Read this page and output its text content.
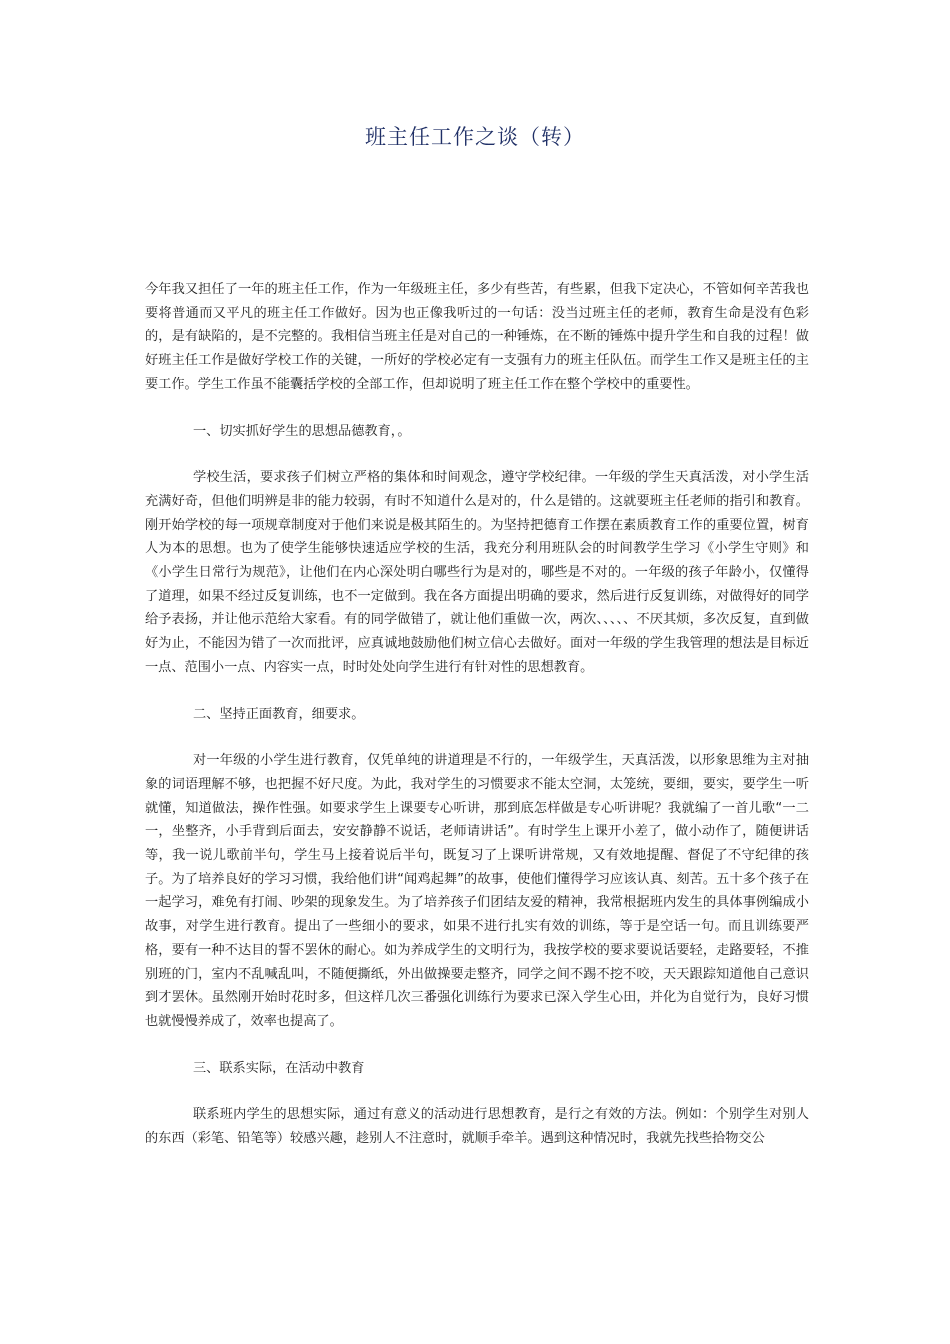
班主任工作之谈（转）

今年我又担任了一年的班主任工作，作为一年级班主任，多少有些苦，有些累，但我下定决心，不管如何辛苦我也要将普通而又平凡的班主任工作做好。因为也正像我听过的一句话：没当过班主任的老师，教育生命是没有色彩的，是有缺陷的，是不完整的。我相信当班主任是对自己的一种锤炼，在不断的锤炼中提升学生和自我的过程！做好班主任工作是做好学校工作的关键，一所好的学校必定有一支强有力的班主任队伍。而学生工作又是班主任的主要工作。学生工作虽不能囊括学校的全部工作，但却说明了班主任工作在整个学校中的重要性。

一、切实抓好学生的思想品德教育，。

学校生活，要求孩子们树立严格的集体和时间观念，遵守学校纪律。一年级的学生天真活泼，对小学生活充满好奇，但他们明辨是非的能力较弱，有时不知道什么是对的，什么是错的。这就要班主任老师的指引和教育。刚开始学校的每一项规章制度对于他们来说是极其陌生的。为坚持把德育工作摆在素质教育工作的重要位置，树育人为本的思想。也为了使学生能够快速适应学校的生活，我充分利用班队会的时间教学生学习《小学生守则》和《小学生日常行为规范》，让他们在内心深处明白哪些行为是对的，哪些是不对的。一年级的孩子年龄小，仅懂得了道理，如果不经过反复训练，也不一定做到。我在各方面提出明确的要求，然后进行反复训练，对做得好的同学给予表扬，并让他示范给大家看。有的同学做错了，就让他们重做一次，两次、、、、、不厌其烦，多次反复，直到做好为止，不能因为错了一次而批评，应真诚地鼓励他们树立信心去做好。面对一年级的学生我管理的想法是目标近一点、范围小一点、内容实一点，时时处处向学生进行有针对性的思想教育。

二、坚持正面教育，细要求。

对一年级的小学生进行教育，仅凭单纯的讲道理是不行的，一年级学生，天真活泼，以形象思维为主对抽象的词语理解不够，也把握不好尺度。为此，我对学生的习惯要求不能太空洞，太笼统，要细，要实，要学生一听就懂，知道做法，操作性强。如要求学生上课要专心听讲，那到底怎样做是专心听讲呢？我就编了一首儿歌“一二一，坐整齐，小手背到后面去，安安静静不说话，老师请讲话”。有时学生上课开小差了，做小动作了，随便讲话等，我一说儿歌前半句，学生马上接着说后半句，既复习了上课听讲常规，又有效地提醒、督促了不守纪律的孩子。为了培养良好的学习习惯，我给他们讲“闻鸡起舞”的故事，使他们懂得学习应该认真、刻苦。五十多个孩子在一起学习，难免有打闹、吵架的现象发生。为了培养孩子们团结友爱的精神，我常根据班内发生的具体事例编成小故事，对学生进行教育。提出了一些细小的要求，如果不进行扎实有效的训练，等于是空话一句。而且训练要严格，要有一种不达目的誓不罢休的耐心。如为养成学生的文明行为，我按学校的要求要说话要轻，走路要轻，不推别班的门，室内不乱喊乱叫，不随便撕纸，外出做操要走整齐，同学之间不踢不挖不咬，天天跟踪知道他自己意识到才罢休。虽然刚开始时花时多，但这样几次三番强化训练行为要求已深入学生心田，并化为自觉行为，良好习惯也就慢慢养成了，效率也提高了。

三、联系实际，在活动中教育

联系班内学生的思想实际，通过有意义的活动进行思想教育，是行之有效的方法。例如：个别学生对别人的东西（彩笔、铅笔等）较感兴趣，趁别人不注意时，就顺手牵羊。遇到这种情况时，我就先找些拾物交公
